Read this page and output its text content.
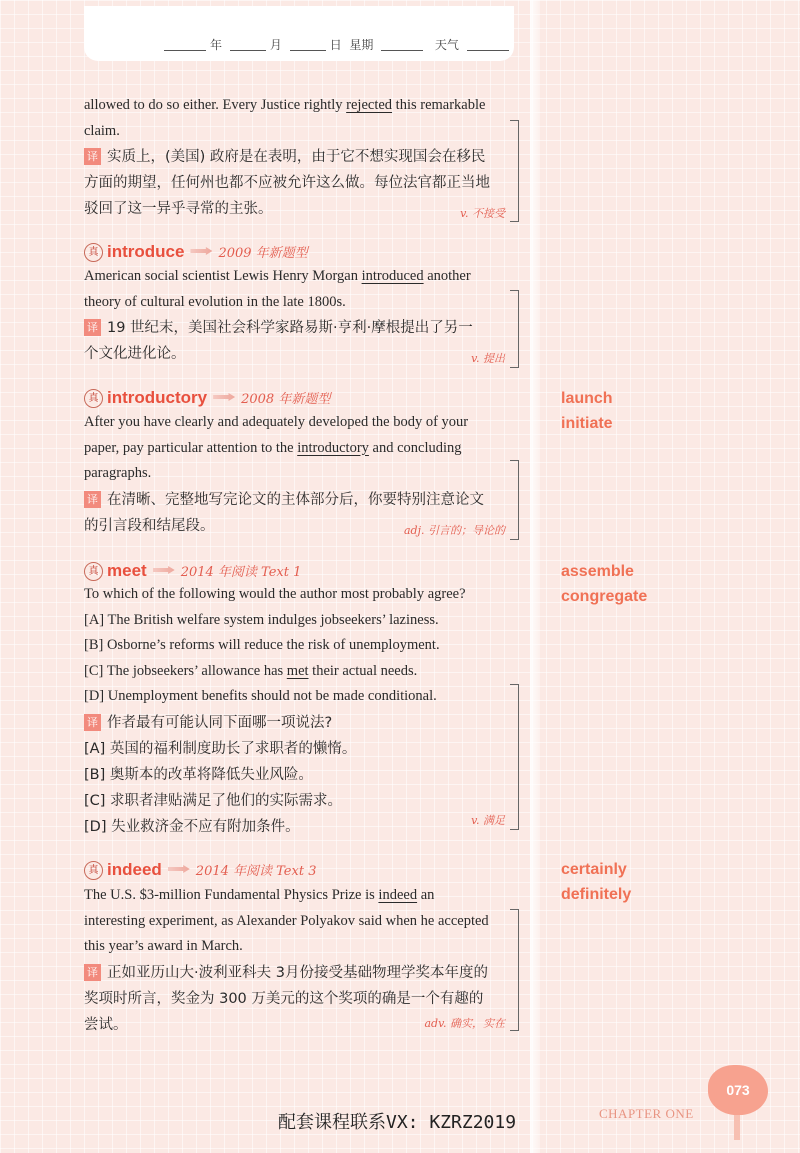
年	月	日 星期	天气

allowed to do so either. Every Justice rightly rejected this remarkable
claim.

译 实质上，(美国) 政府是在表明，由于它不想实现国会在移民
方面的期望，任何州也都不应被允许这么做。每位法官都正当地
驳回了这一异乎寻常的主张。	v. 不接受
真 introduce	2009 年新题型

American social scientist Lewis Henry Morgan introduced another
theory of cultural evolution in the late 1800s.

译 19 世纪末，美国社会科学家路易斯·亨利·摩根提出了另一
个文化进化论。	v. 提出
真 introductory	2008 年新题型

After you have clearly and adequately developed the body of your
paper, pay particular attention to the introductory and concluding
paragraphs.

译 在清晰、完整地写完论文的主体部分后，你要特别注意论文
的引言段和结尾段。	adj. 引言的；导论的
launch
initiate
真 meet	2014 年阅读 Text 1

To which of the following would the author most probably agree?
[A] The British welfare system indulges jobseekers’ laziness.
[B] Osborne’s reforms will reduce the risk of unemployment.
[C] The jobseekers’ allowance has met their actual needs.
[D] Unemployment benefits should not be made conditional.

译 作者最有可能认同下面哪一项说法?
[A] 英国的福利制度助长了求职者的懒惰。
[B] 奥斯本的改革将降低失业风险。
[C] 求职者津贴满足了他们的实际需求。
[D] 失业救济金不应有附加条件。	v. 满足
assemble
congregate
真 indeed	2014 年阅读 Text 3

The U.S. $3-million Fundamental Physics Prize is indeed an
interesting experiment, as Alexander Polyakov said when he accepted
this year’s award in March.

译 正如亚历山大·波利亚科夫 3月份接受基础物理学奖本年度的
奖项时所言，奖金为 300 万美元的这个奖项的确是一个有趣的
尝试。	adv. 确实，实在
certainly
definitely
配套课程联系VX: KZRZ2019	CHAPTER ONE
073
